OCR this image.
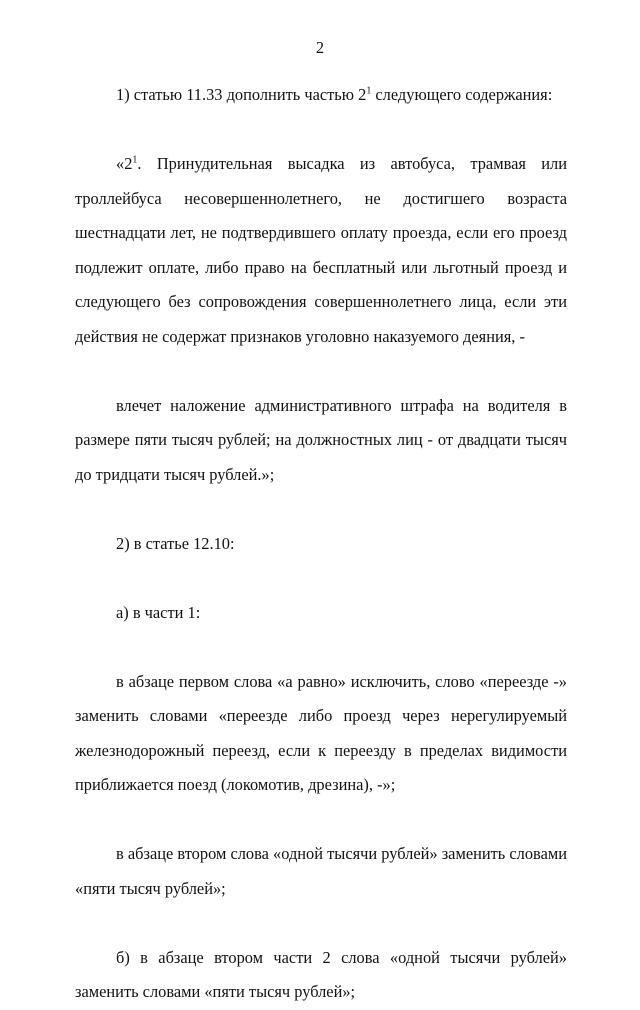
2

1) статью 11.33 дополнить частью $2^1$ следующего содержания:

«$2^1$. Принудительная высадка из автобуса, трамвая или троллейбуса несовершеннолетнего, не достигшего возраста шестнадцати лет, не подтвердившего оплату проезда, если его проезд подлежит оплате, либо право на бесплатный или льготный проезд и следующего без сопровождения совершеннолетнего лица, если эти действия не содержат признаков уголовно наказуемого деяния, -

влечет наложение административного штрафа на водителя в размере пяти тысяч рублей; на должностных лиц - от двадцати тысяч до тридцати тысяч рублей.»;

2) в статье 12.10:

а) в части 1:

в абзаце первом слова «а равно» исключить, слово «переезде -» заменить словами «переезде либо проезд через нерегулируемый железнодорожный переезд, если к переезду в пределах видимости приближается поезд (локомотив, дрезина), -»;

в абзаце втором слова «одной тысячи рублей» заменить словами «пяти тысяч рублей»;

б) в абзаце втором части 2 слова «одной тысячи рублей» заменить словами «пяти тысяч рублей»;
